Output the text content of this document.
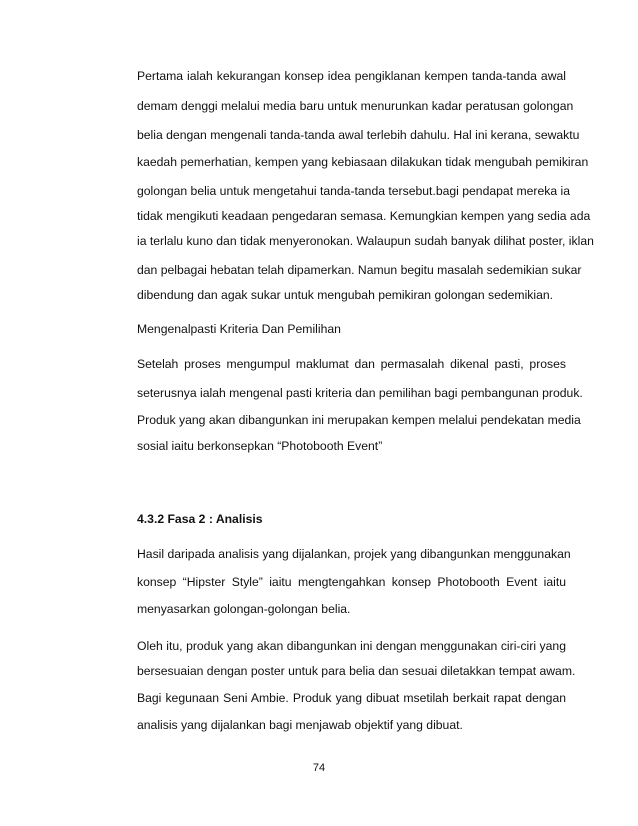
Pertama ialah kekurangan konsep idea pengiklanan kempen tanda-tanda awal
demam denggi melalui media baru untuk menurunkan kadar peratusan golongan
belia dengan mengenali tanda-tanda awal terlebih dahulu. Hal ini kerana, sewaktu
kaedah pemerhatian, kempen yang kebiasaan dilakukan tidak mengubah pemikiran
golongan belia untuk mengetahui tanda-tanda tersebut.bagi pendapat mereka ia
tidak mengikuti keadaan pengedaran semasa. Kemungkian kempen yang sedia ada
ia terlalu kuno dan tidak menyeronokan. Walaupun sudah banyak dilihat poster, iklan
dan pelbagai hebatan telah dipamerkan. Namun begitu masalah sedemikian sukar
dibendung dan agak sukar untuk mengubah pemikiran golongan sedemikian.
Mengenalpasti Kriteria Dan Pemilihan
Setelah proses mengumpul maklumat dan permasalah dikenal pasti, proses
seterusnya ialah mengenal pasti kriteria dan pemilihan bagi pembangunan produk.
Produk yang akan dibangunkan ini merupakan kempen melalui pendekatan media
sosial iaitu berkonsepkan “Photobooth Event”
4.3.2 Fasa 2 : Analisis
Hasil daripada analisis yang dijalankan, projek yang dibangunkan menggunakan
konsep “Hipster Style” iaitu mengtengahkan konsep Photobooth Event iaitu
menyasarkan golongan-golongan belia.
Oleh itu, produk yang akan dibangunkan ini dengan menggunakan ciri-ciri yang
bersesuaian dengan poster untuk para belia dan sesuai diletakkan tempat awam.
Bagi kegunaan Seni Ambie. Produk yang dibuat msetilah berkait rapat dengan
analisis yang dijalankan bagi menjawab objektif yang dibuat.
74
